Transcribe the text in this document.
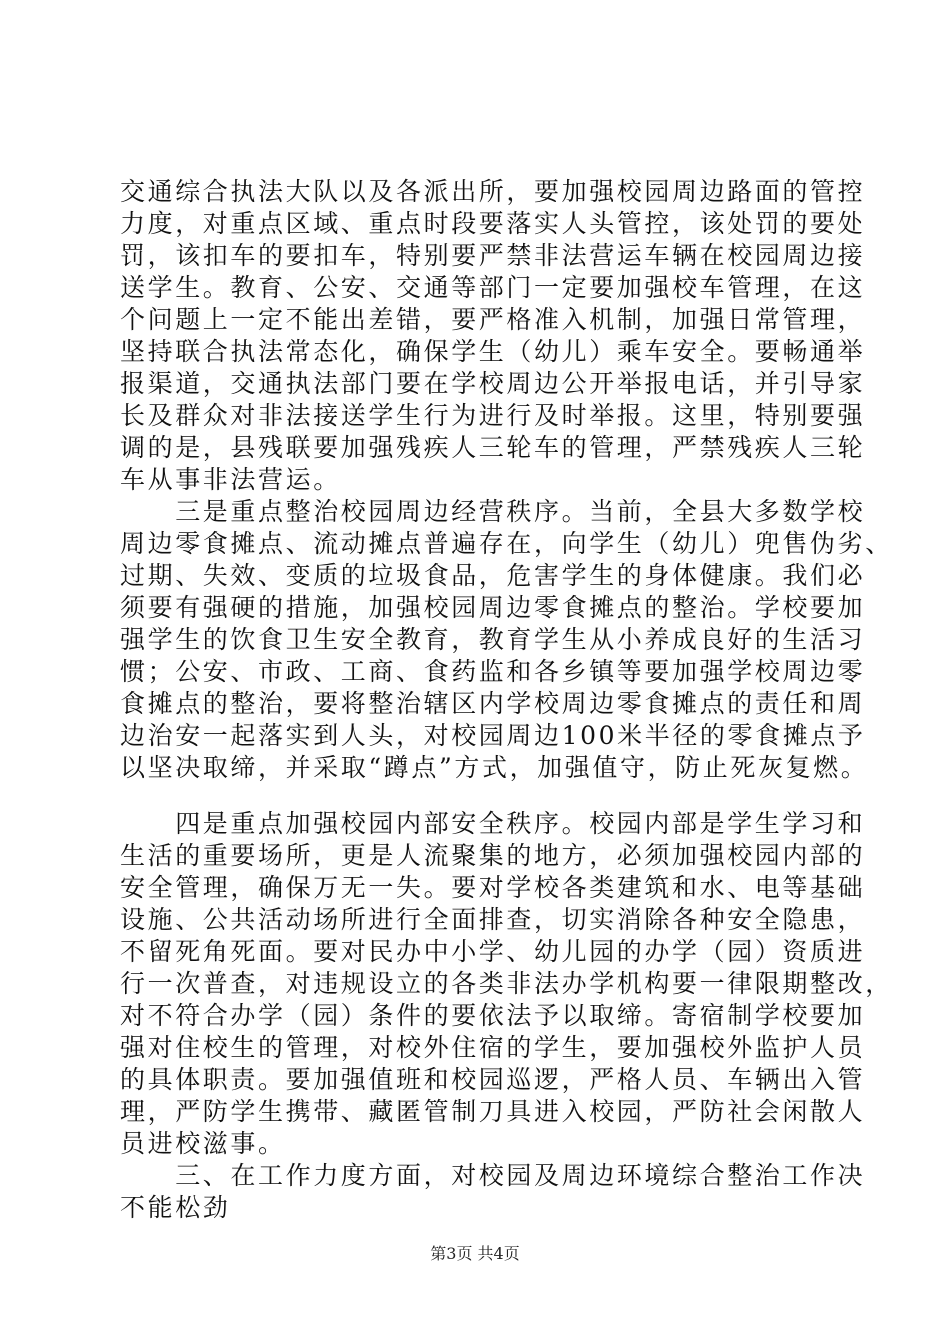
交通综合执法大队以及各派出所，要加强校园周边路面的管控
力度，对重点区域、重点时段要落实人头管控，该处罚的要处
罚，该扣车的要扣车，特别要严禁非法营运车辆在校园周边接
送学生。教育、公安、交通等部门一定要加强校车管理，在这
个问题上一定不能出差错，要严格准入机制，加强日常管理，
坚持联合执法常态化，确保学生（幼儿）乘车安全。要畅通举
报渠道，交通执法部门要在学校周边公开举报电话，并引导家
长及群众对非法接送学生行为进行及时举报。这里，特别要强
调的是，县残联要加强残疾人三轮车的管理，严禁残疾人三轮
车从事非法营运。
　　三是重点整治校园周边经营秩序。当前，全县大多数学校
周边零食摊点、流动摊点普遍存在，向学生（幼儿）兜售伪劣、
过期、失效、变质的垃圾食品，危害学生的身体健康。我们必
须要有强硬的措施，加强校园周边零食摊点的整治。学校要加
强学生的饮食卫生安全教育，教育学生从小养成良好的生活习
惯；公安、市政、工商、食药监和各乡镇等要加强学校周边零
食摊点的整治，要将整治辖区内学校周边零食摊点的责任和周
边治安一起落实到人头，对校园周边100米半径的零食摊点予
以坚决取缔，并采取“蹲点”方式，加强值守，防止死灰复燃。
　　四是重点加强校园内部安全秩序。校园内部是学生学习和
生活的重要场所，更是人流聚集的地方，必须加强校园内部的
安全管理，确保万无一失。要对学校各类建筑和水、电等基础
设施、公共活动场所进行全面排查，切实消除各种安全隐患，
不留死角死面。要对民办中小学、幼儿园的办学（园）资质进
行一次普查，对违规设立的各类非法办学机构要一律限期整改，
对不符合办学（园）条件的要依法予以取缔。寄宿制学校要加
强对住校生的管理，对校外住宿的学生，要加强校外监护人员
的具体职责。要加强值班和校园巡逻，严格人员、车辆出入管
理，严防学生携带、藏匿管制刀具进入校园，严防社会闲散人
员进校滋事。
　　三、在工作力度方面，对校园及周边环境综合整治工作决
不能松劲
第3页 共4页
